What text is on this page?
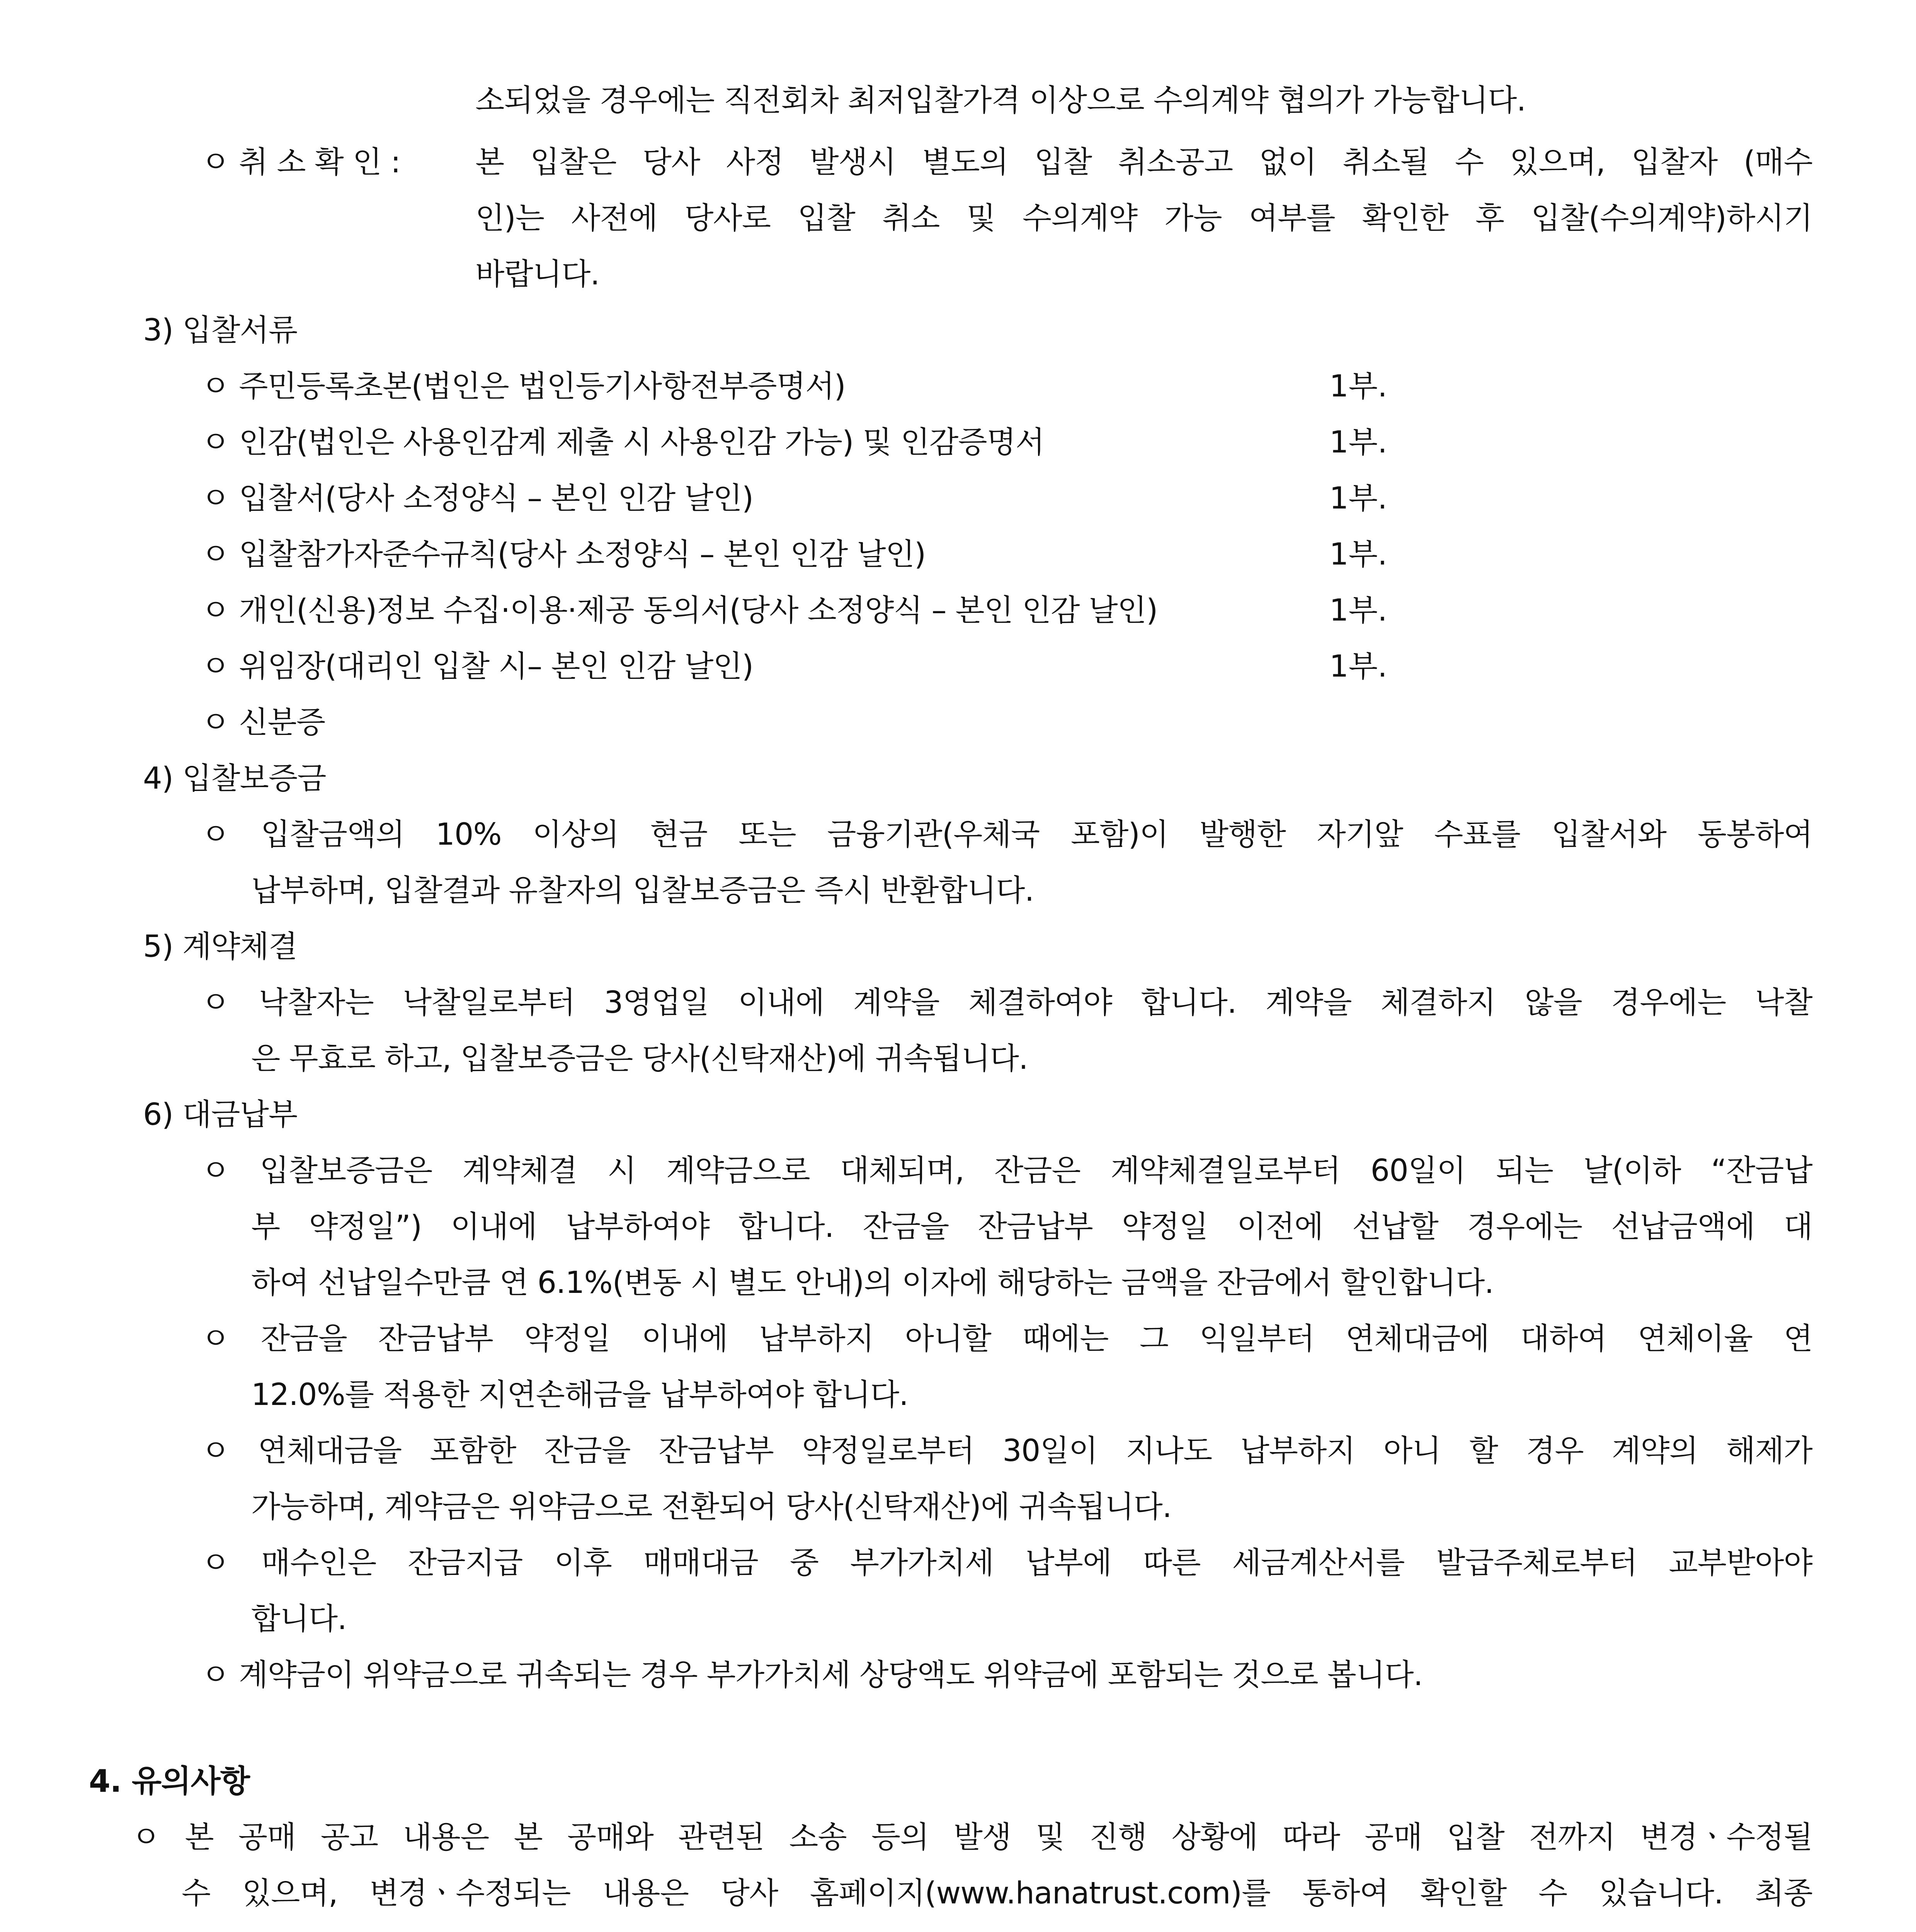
소되었을 경우에는 직전회차 최저입찰가격 이상으로 수의계약 협의가 가능합니다.
ㅇ 취 소 확 인 : 본 입찰은 당사 사정 발생시 별도의 입찰 취소공고 없이 취소될 수 있으며, 입찰자 (매수
인)는 사전에 당사로 입찰 취소 및 수의계약 가능 여부를 확인한 후 입찰(수의계약)하시기
바랍니다.
3) 입찰서류
ㅇ 주민등록초본(법인은 법인등기사항전부증명서)	1부.
ㅇ 인감(법인은 사용인감계 제출 시 사용인감 가능) 및 인감증명서	1부.
ㅇ 입찰서(당사 소정양식 – 본인 인감 날인)	1부.
ㅇ 입찰참가자준수규칙(당사 소정양식 – 본인 인감 날인)	1부.
ㅇ 개인(신용)정보 수집·이용·제공 동의서(당사 소정양식 – 본인 인감 날인)	1부.
ㅇ 위임장(대리인 입찰 시– 본인 인감 날인)	1부.
ㅇ 신분증
4) 입찰보증금
ㅇ 입찰금액의 10% 이상의 현금 또는 금융기관(우체국 포함)이 발행한 자기앞 수표를 입찰서와 동봉하여
납부하며, 입찰결과 유찰자의 입찰보증금은 즉시 반환합니다.
5) 계약체결
ㅇ 낙찰자는 낙찰일로부터 3영업일 이내에 계약을 체결하여야 합니다. 계약을 체결하지 않을 경우에는 낙찰
은 무효로 하고, 입찰보증금은 당사(신탁재산)에 귀속됩니다.
6) 대금납부
ㅇ 입찰보증금은 계약체결 시 계약금으로 대체되며, 잔금은 계약체결일로부터 60일이 되는 날(이하 “잔금납
부 약정일”) 이내에 납부하여야 합니다. 잔금을 잔금납부 약정일 이전에 선납할 경우에는 선납금액에 대
하여 선납일수만큼 연 6.1%(변동 시 별도 안내)의 이자에 해당하는 금액을 잔금에서 할인합니다.
ㅇ 잔금을 잔금납부 약정일 이내에 납부하지 아니할 때에는 그 익일부터 연체대금에 대하여 연체이율 연
12.0%를 적용한 지연손해금을 납부하여야 합니다.
ㅇ 연체대금을 포함한 잔금을 잔금납부 약정일로부터 30일이 지나도 납부하지 아니 할 경우 계약의 해제가
가능하며, 계약금은 위약금으로 전환되어 당사(신탁재산)에 귀속됩니다.
ㅇ 매수인은 잔금지급 이후 매매대금 중 부가가치세 납부에 따른 세금계산서를 발급주체로부터 교부받아야
합니다.
ㅇ 계약금이 위약금으로 귀속되는 경우 부가가치세 상당액도 위약금에 포함되는 것으로 봅니다.
4. 유의사항
ㅇ 본 공매 공고 내용은 본 공매와 관련된 소송 등의 발생 및 진행 상황에 따라 공매 입찰 전까지 변경ㆍ수정될
수 있으며, 변경ㆍ수정되는 내용은 당사 홈페이지(www.hanatrust.com)를 통하여 확인할 수 있습니다. 최종
